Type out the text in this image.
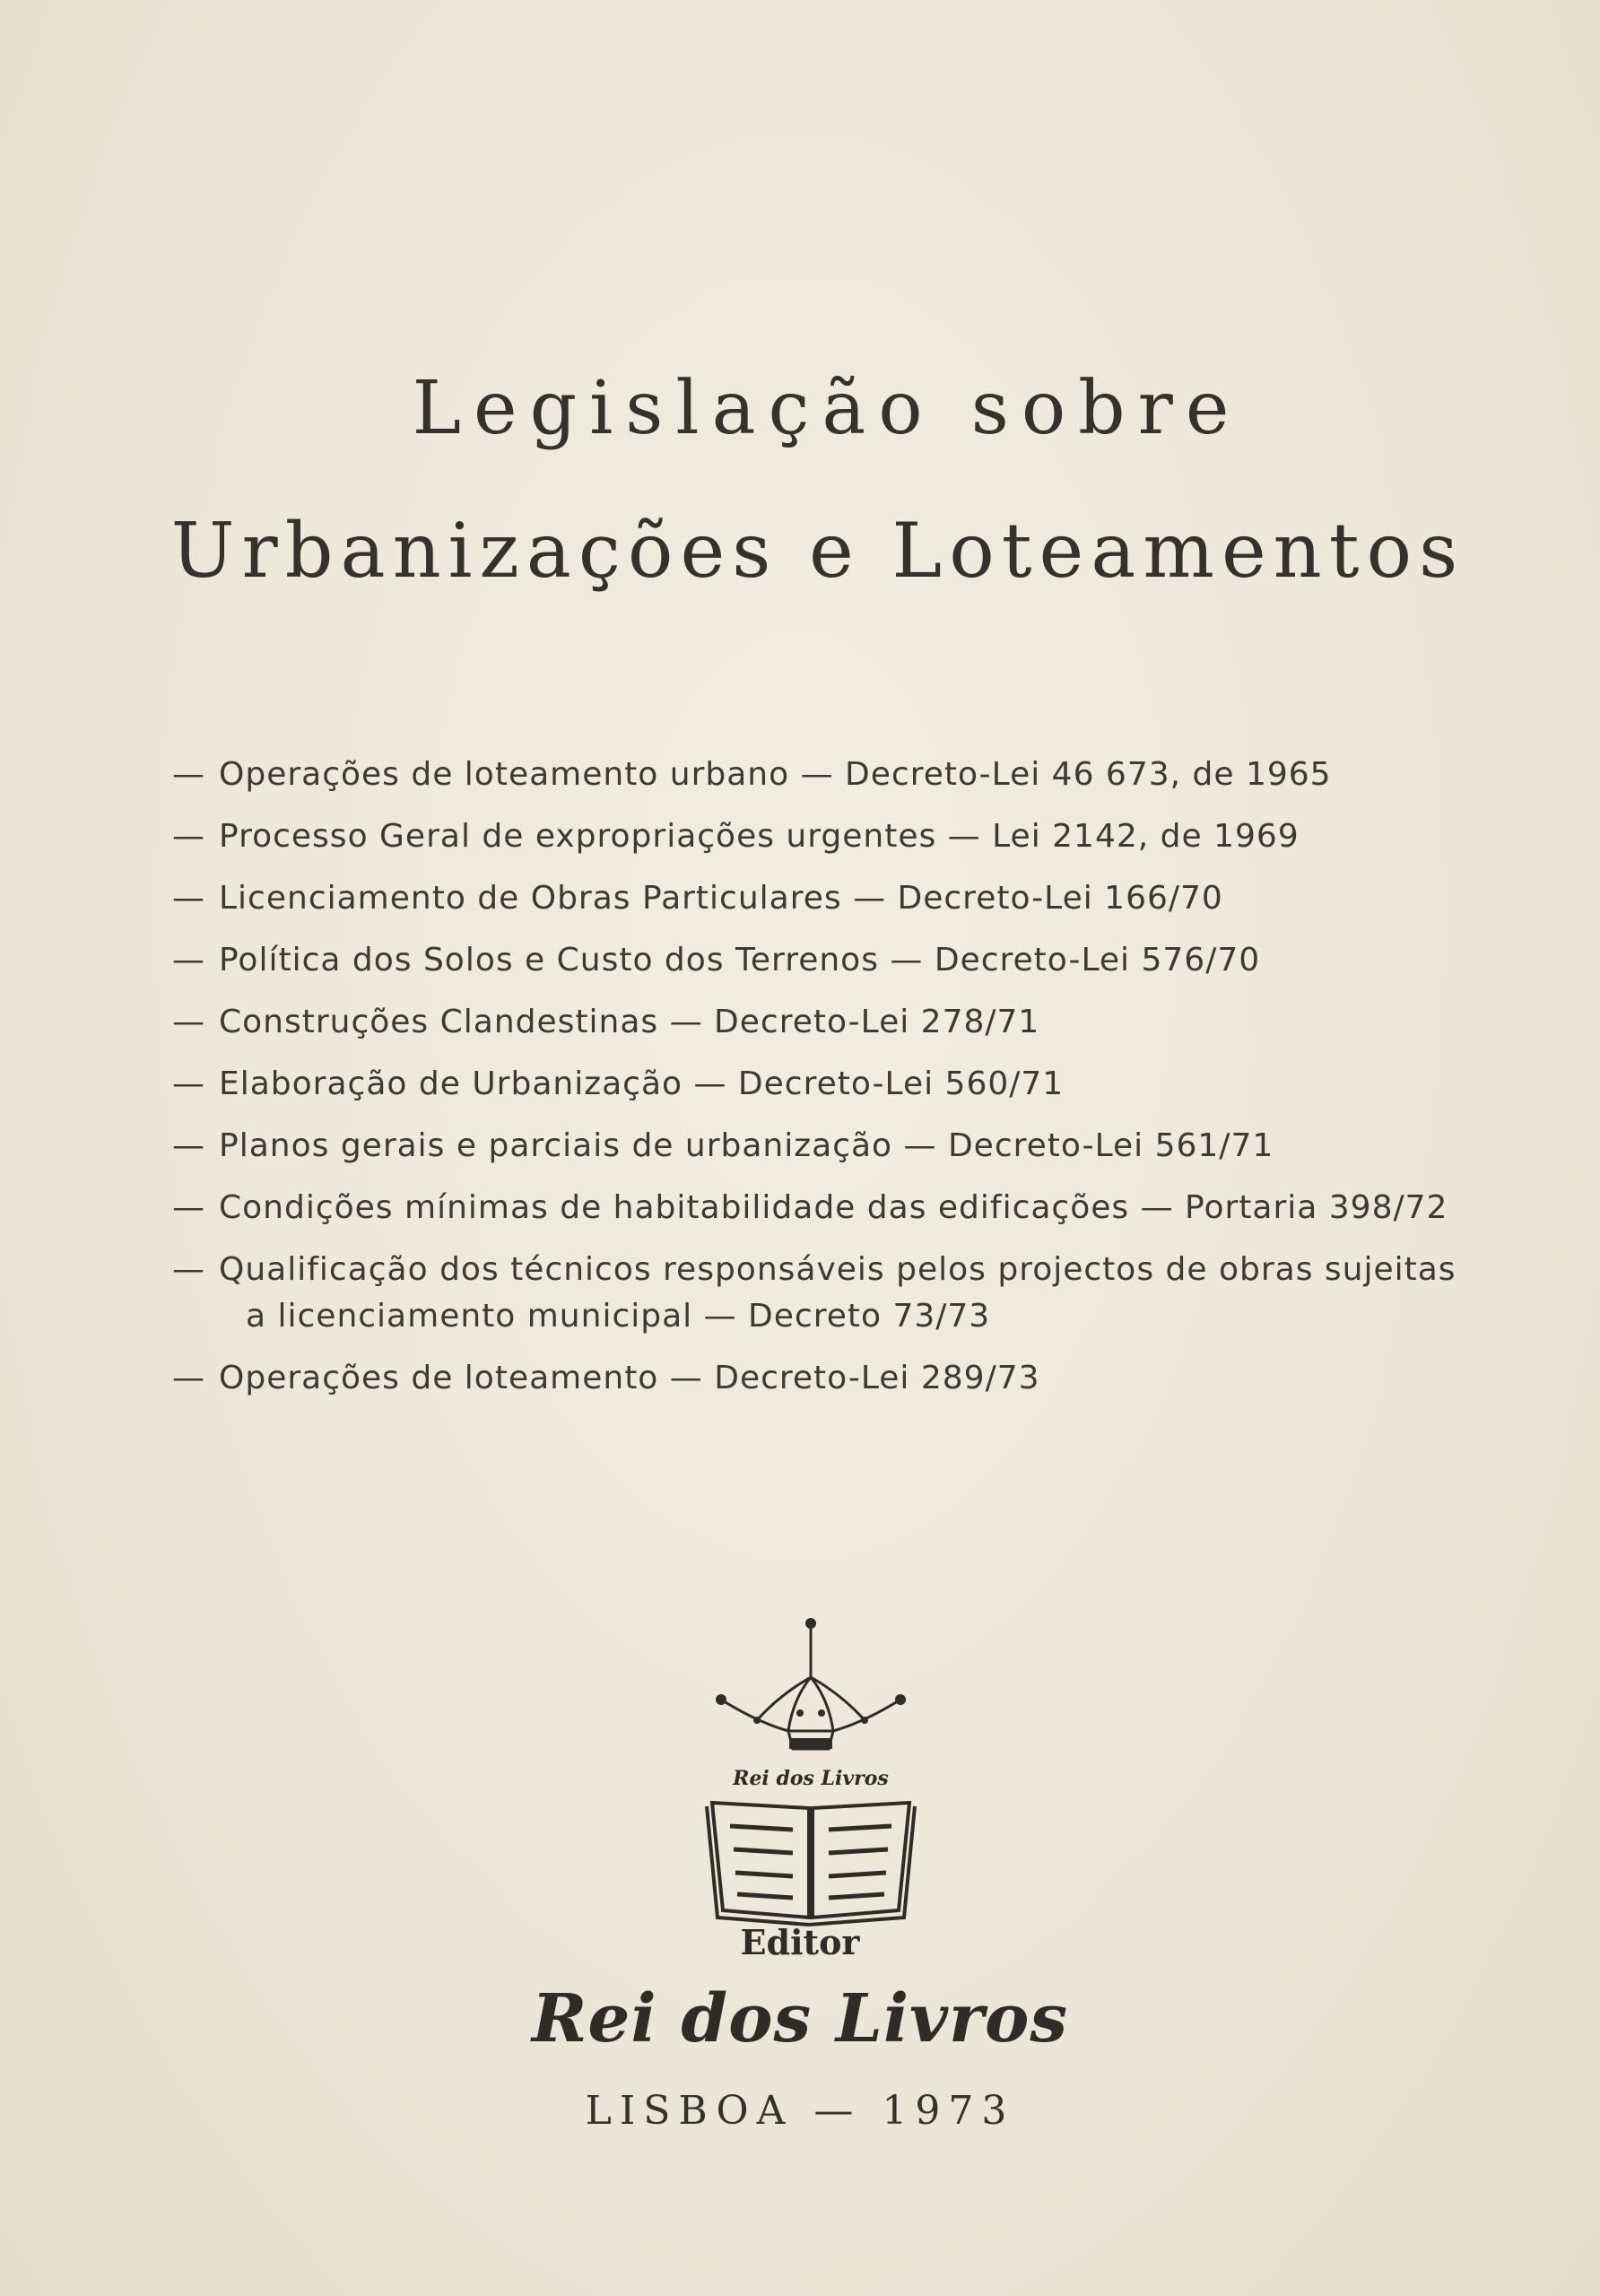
Legislação sobre
Urbanizações e Loteamentos
— Operações de loteamento urbano — Decreto-Lei 46 673, de 1965
— Processo Geral de expropriações urgentes — Lei 2142, de 1969
— Licenciamento de Obras Particulares — Decreto-Lei 166/70
— Política dos Solos e Custo dos Terrenos — Decreto-Lei 576/70
— Construções Clandestinas — Decreto-Lei 278/71
— Elaboração de Urbanização — Decreto-Lei 560/71
— Planos gerais e parciais de urbanização — Decreto-Lei 561/71
— Condições mínimas de habitabilidade das edificações — Portaria 398/72
— Qualificação dos técnicos responsáveis pelos projectos de obras sujeitas
a licenciamento municipal — Decreto 73/73
— Operações de loteamento — Decreto-Lei 289/73
Rei dos Livros

Editor

Rei dos Livros

LISBOA — 1973
